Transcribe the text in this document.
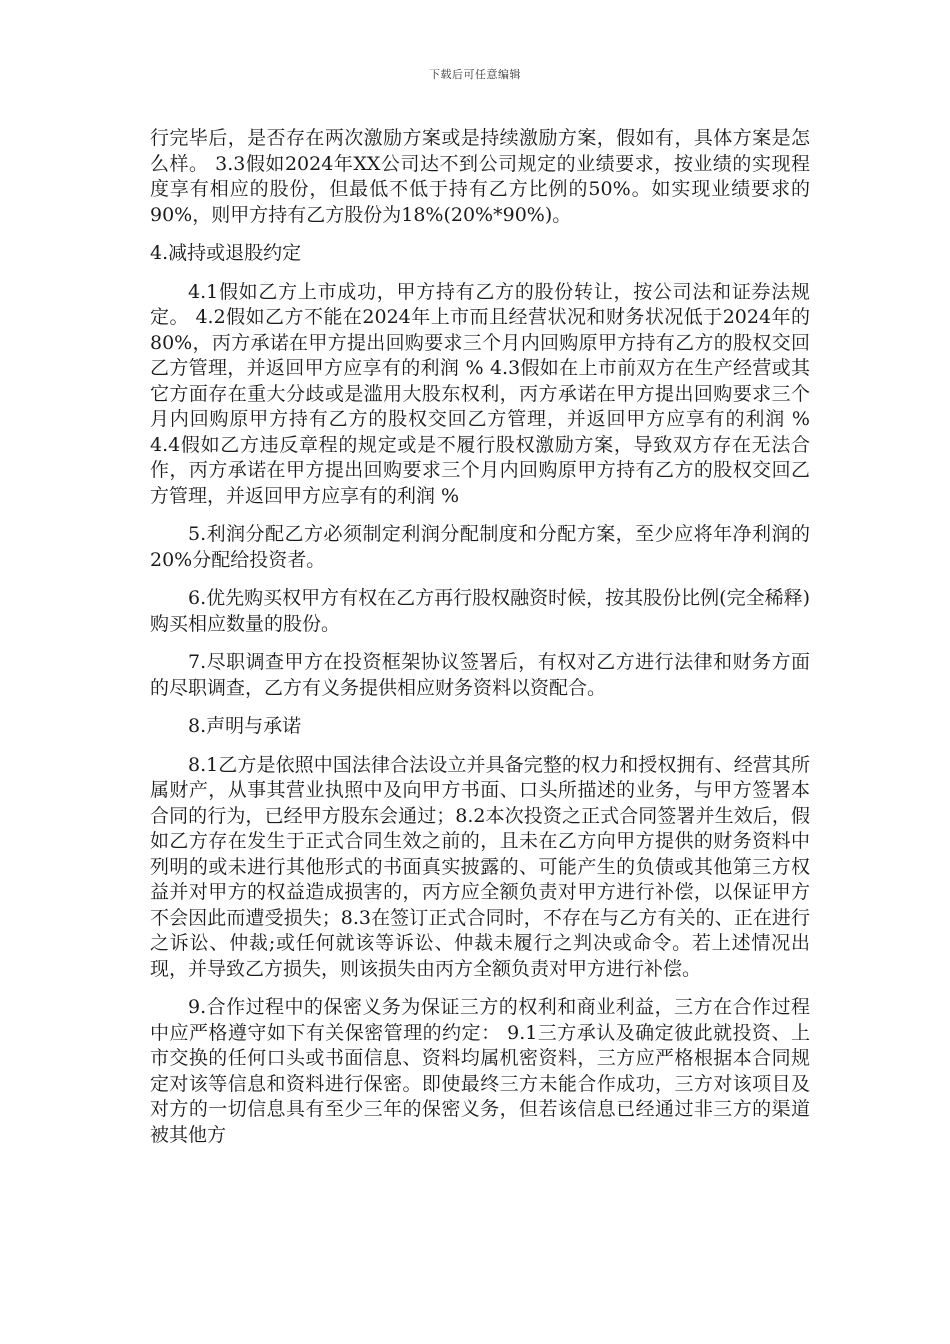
下载后可任意编辑

行完毕后，是否存在两次激励方案或是持续激励方案，假如有，具体方案是怎么样。 3.3假如2024年XX公司达不到公司规定的业绩要求，按业绩的实现程度享有相应的股份，但最低不低于持有乙方比例的50%。如实现业绩要求的90%，则甲方持有乙方股份为18%(20%*90%)。

4.减持或退股约定

4.1假如乙方上市成功，甲方持有乙方的股份转让，按公司法和证券法规定。 4.2假如乙方不能在2024年上市而且经营状况和财务状况低于2024年的80%，丙方承诺在甲方提出回购要求三个月内回购原甲方持有乙方的股权交回乙方管理，并返回甲方应享有的利润 % 4.3假如在上市前双方在生产经营或其它方面存在重大分歧或是滥用大股东权利，丙方承诺在甲方提出回购要求三个月内回购原甲方持有乙方的股权交回乙方管理，并返回甲方应享有的利润 % 4.4假如乙方违反章程的规定或是不履行股权激励方案，导致双方存在无法合作，丙方承诺在甲方提出回购要求三个月内回购原甲方持有乙方的股权交回乙方管理，并返回甲方应享有的利润 %

5.利润分配乙方必须制定利润分配制度和分配方案，至少应将年净利润的20%分配给投资者。

6.优先购买权甲方有权在乙方再行股权融资时候，按其股份比例(完全稀释)购买相应数量的股份。

7.尽职调查甲方在投资框架协议签署后，有权对乙方进行法律和财务方面的尽职调查，乙方有义务提供相应财务资料以资配合。

8.声明与承诺

8.1乙方是依照中国法律合法设立并具备完整的权力和授权拥有、经营其所属财产，从事其营业执照中及向甲方书面、口头所描述的业务，与甲方签署本合同的行为，已经甲方股东会通过；8.2本次投资之正式合同签署并生效后，假如乙方存在发生于正式合同生效之前的，且未在乙方向甲方提供的财务资料中列明的或未进行其他形式的书面真实披露的、可能产生的负债或其他第三方权益并对甲方的权益造成损害的，丙方应全额负责对甲方进行补偿，以保证甲方不会因此而遭受损失；8.3在签订正式合同时，不存在与乙方有关的、正在进行之诉讼、仲裁;或任何就该等诉讼、仲裁未履行之判决或命令。若上述情况出现，并导致乙方损失，则该损失由丙方全额负责对甲方进行补偿。

9.合作过程中的保密义务为保证三方的权利和商业利益，三方在合作过程中应严格遵守如下有关保密管理的约定： 9.1三方承认及确定彼此就投资、上市交换的任何口头或书面信息、资料均属机密资料，三方应严格根据本合同规定对该等信息和资料进行保密。即使最终三方未能合作成功，三方对该项目及对方的一切信息具有至少三年的保密义务，但若该信息已经通过非三方的渠道被其他方
